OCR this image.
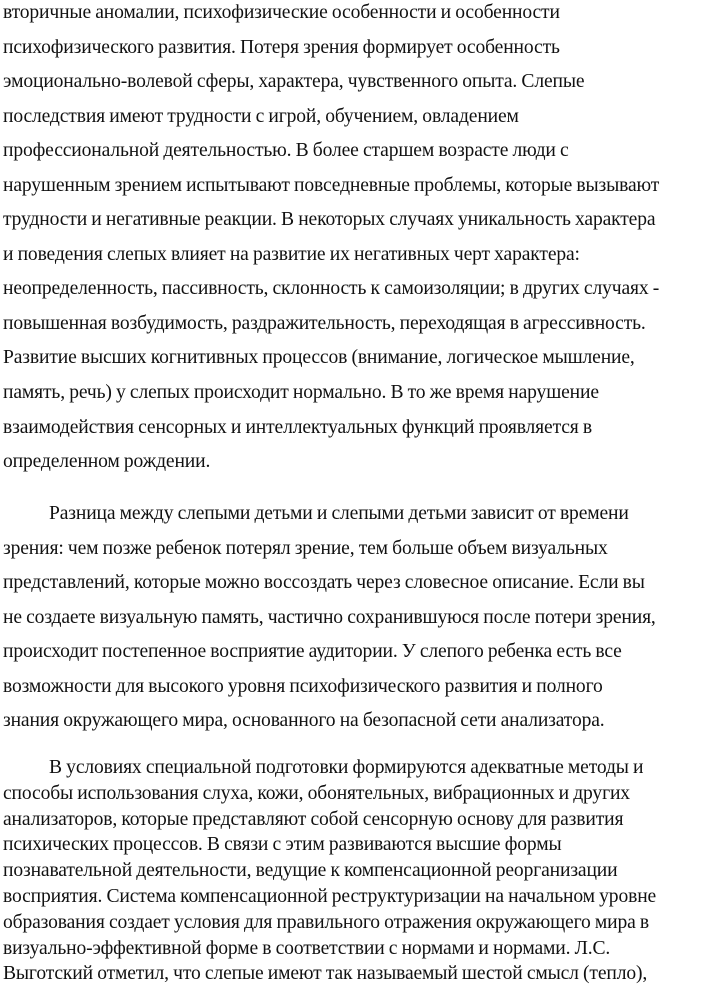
вторичные аномалии, психофизические особенности и особенности

психофизического развития. Потеря зрения формирует особенность

эмоционально-волевой сферы, характера, чувственного опыта. Слепые

последствия имеют трудности с игрой, обучением, овладением

профессиональной деятельностью. В более старшем возрасте люди с

нарушенным зрением испытывают повседневные проблемы, которые вызывают

трудности и негативные реакции. В некоторых случаях уникальность характера

и поведения слепых влияет на развитие их негативных черт характера:

неопределенность, пассивность, склонность к самоизоляции; в других случаях -

повышенная возбудимость, раздражительность, переходящая в агрессивность.

Развитие высших когнитивных процессов (внимание, логическое мышление,

память, речь) у слепых происходит нормально. В то же время нарушение

взаимодействия сенсорных и интеллектуальных функций проявляется в

определенном рождении.

Разница между слепыми детьми и слепыми детьми зависит от времени

зрения: чем позже ребенок потерял зрение, тем больше объем визуальных

представлений, которые можно воссоздать через словесное описание. Если вы

не создаете визуальную память, частично сохранившуюся после потери зрения,

происходит постепенное восприятие аудитории. У слепого ребенка есть все

возможности для высокого уровня психофизического развития и полного

знания окружающего мира, основанного на безопасной сети анализатора.

В условиях специальной подготовки формируются адекватные методы и

способы использования слуха, кожи, обонятельных, вибрационных и других

анализаторов, которые представляют собой сенсорную основу для развития

психических процессов. В связи с этим развиваются высшие формы

познавательной деятельности, ведущие к компенсационной реорганизации

восприятия. Система компенсационной реструктуризации на начальном уровне

образования создает условия для правильного отражения окружающего мира в

визуально-эффективной форме в соответствии с нормами и нормами. Л.С.

Выготский отметил, что слепые имеют так называемый шестой смысл (тепло),
